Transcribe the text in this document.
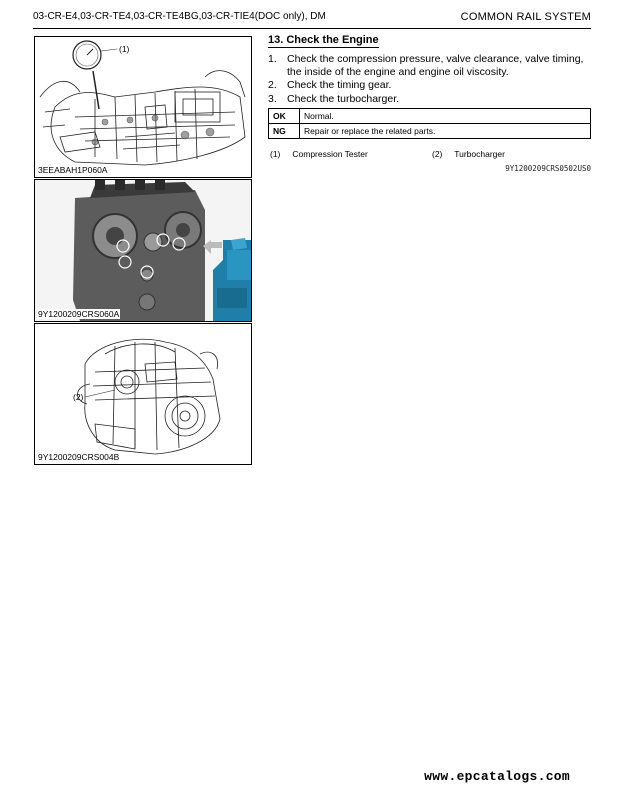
03-CR-E4,03-CR-TE4,03-CR-TE4BG,03-CR-TIE4(DOC only), DM	COMMON RAIL SYSTEM
(1)
3EEABAH1P060A
9Y1200209CRS060A
(2)
9Y1200209CRS004B
13. Check the Engine
1. Check the compression pressure, valve clearance, valve timing, the inside of the engine and engine oil viscosity.
2. Check the timing gear.
3. Check the turbocharger.
OK	Normal.
NG	Repair or replace the related parts.
(1) Compression Tester	(2) Turbocharger
9Y1200209CRS0502US0
www.epcatalogs.com
